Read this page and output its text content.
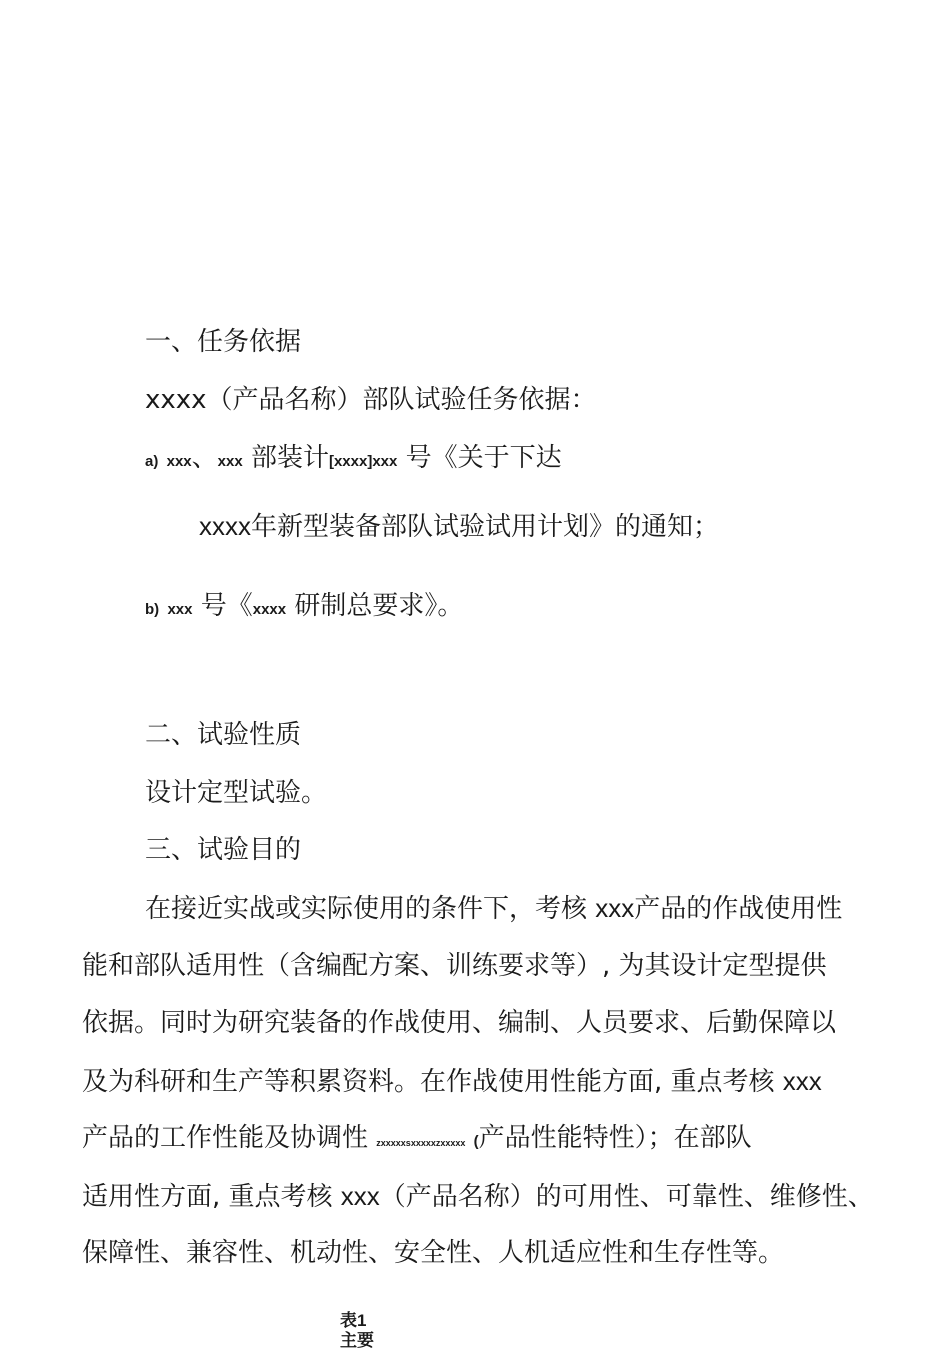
一、任务依据
xxxx（产品名称）部队试验任务依据：
a) xxx、xxx 部装计[xxxx]xxx 号《关于下达
xxxx年新型装备部队试验试用计划》的通知；
b) xxx 号《xxxx 研制总要求》。
二、试验性质
设计定型试验。
三、试验目的
在接近实战或实际使用的条件下，考核 xxx产品的作战使用性
能和部队适用性（含编配方案、训练要求等）, 为其设计定型提供
依据。同时为研究装备的作战使用、编制、人员要求、后勤保障以
及为科研和生产等积累资料。在作战使用性能方面, 重点考核 xxx
产品的工作性能及协调性 zxxxxxsxxxxxzxxxxx (产品性能特性）；在部队
适用性方面, 重点考核 xxx（产品名称）的可用性、可靠性、维修性、
保障性、兼容性、机动性、安全性、人机适应性和生存性等。
表1
主要
